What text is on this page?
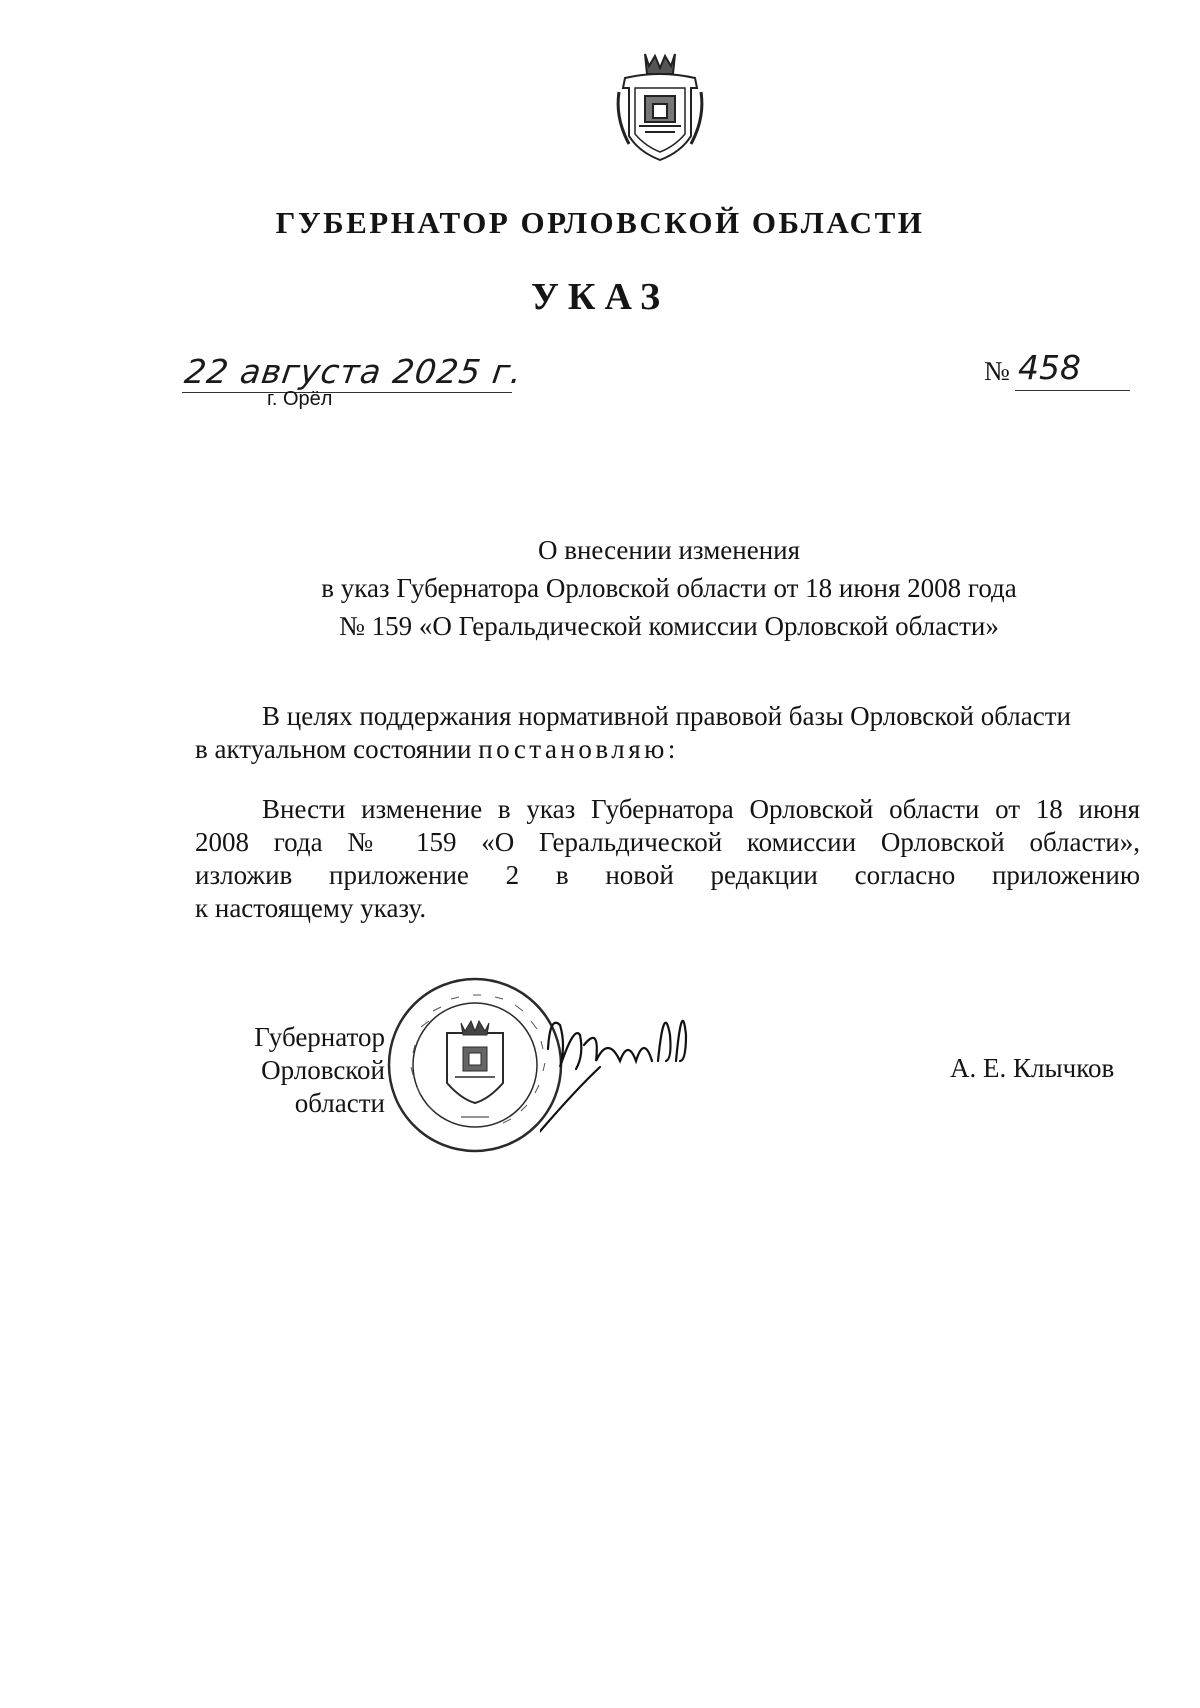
ГУБЕРНАТОР ОРЛОВСКОЙ ОБЛАСТИ
УКАЗ
22 августа 2025 г.
г. Орёл
№ 458
О внесении изменения
в указ Губернатора Орловской области от 18 июня 2008 года
№ 159 «О Геральдической комиссии Орловской области»
В целях поддержания нормативной правовой базы Орловской области
в актуальном состоянии постановляю:
Внести изменение в указ Губернатора Орловской области от 18 июня
2008 года № 159 «О Геральдической комиссии Орловской области»,
изложив приложение 2 в новой редакции согласно приложению
к настоящему указу.
Губернатор
Орловской области
А. Е. Клычков
